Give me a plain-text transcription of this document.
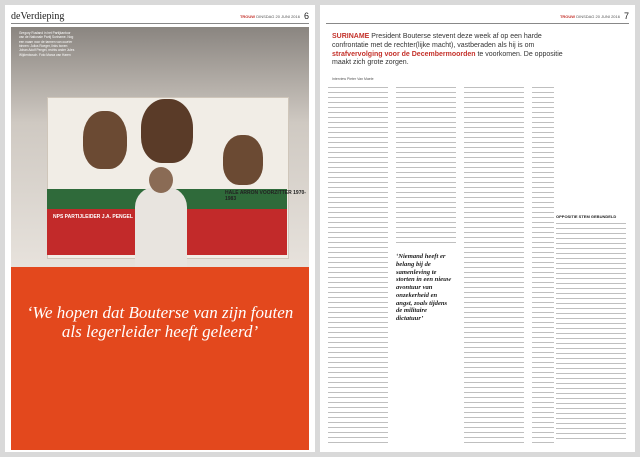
deVerdieping	TROUW DINSDAG 20 JUNI 2016 6
NPS PARTIJLEIDER J.A. PENGEL
HALE ARRON VOORZITTER 1970-1983
Gregory Rusland in het Partijkantoor van de Nationale Partij Suriname. Nog een naam voor de tarmen van ouvrier binnen: Julius Roeger, links boven Johan Adolf Pengel, rechts onder Jules Wijdenbosch. Foto Marca van Haren
‘We hopen dat Bouterse van zijn fouten als legerleider heeft geleerd’
TROUW DINSDAG 20 JUNI 2016 7
SURINAME President Bouterse stevent deze week af op een harde confrontatie met de rechter(lijke macht), vastberaden als hij is om strafvervolging voor de Decembermoorden te voorkomen. De oppositie maakt zich grote zorgen.
Interview Pieter Van Maele
‘Niemand heeft er belang bij de samenleving te storten in een nieuw avontuur van onzekerheid en angst, zoals tijdens de militaire dictatuur’
OPPOSITIE STEM GEBUNDELD
